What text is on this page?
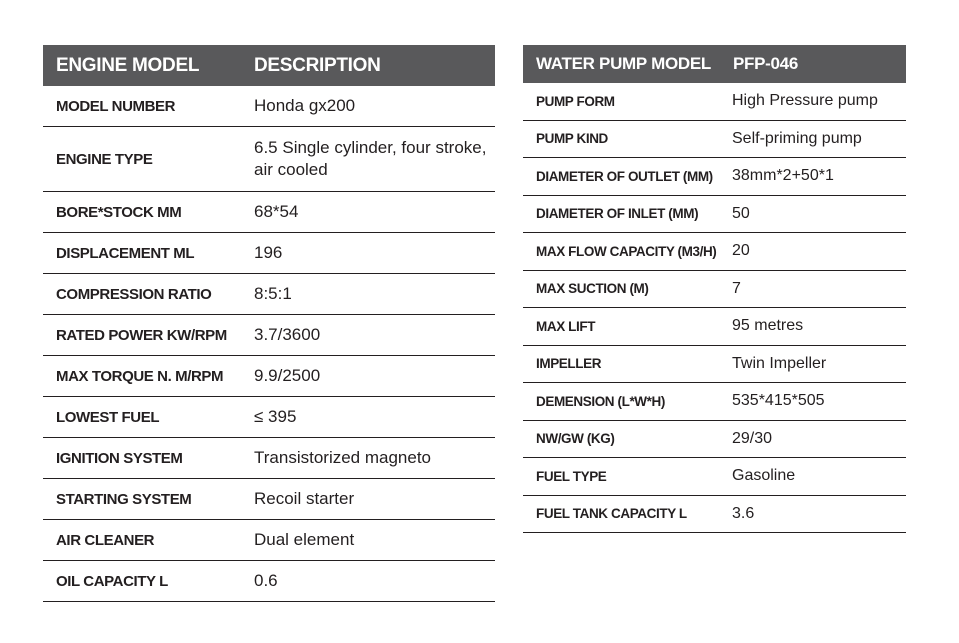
ENGINE MODEL	DESCRIPTION
MODEL NUMBER	Honda gx200
ENGINE TYPE	6.5 Single cylinder, four stroke, air cooled
BORE*STOCK MM	68*54
DISPLACEMENT ML	196
COMPRESSION RATIO	8:5:1
RATED POWER KW/RPM	3.7/3600
MAX TORQUE N. M/RPM	9.9/2500
LOWEST FUEL	≤ 395
IGNITION SYSTEM	Transistorized magneto
STARTING SYSTEM	Recoil starter
AIR CLEANER	Dual element
OIL CAPACITY L	0.6
WATER PUMP MODEL	PFP-046
PUMP FORM	High Pressure pump
PUMP KIND	Self-priming pump
DIAMETER OF OUTLET (MM)	38mm*2+50*1
DIAMETER OF INLET (MM)	50
MAX FLOW CAPACITY (M3/H)	20
MAX SUCTION (M)	7
MAX LIFT	95 metres
IMPELLER	Twin Impeller
DEMENSION (L*W*H)	535*415*505
NW/GW (KG)	29/30
FUEL TYPE	Gasoline
FUEL TANK CAPACITY L	3.6
